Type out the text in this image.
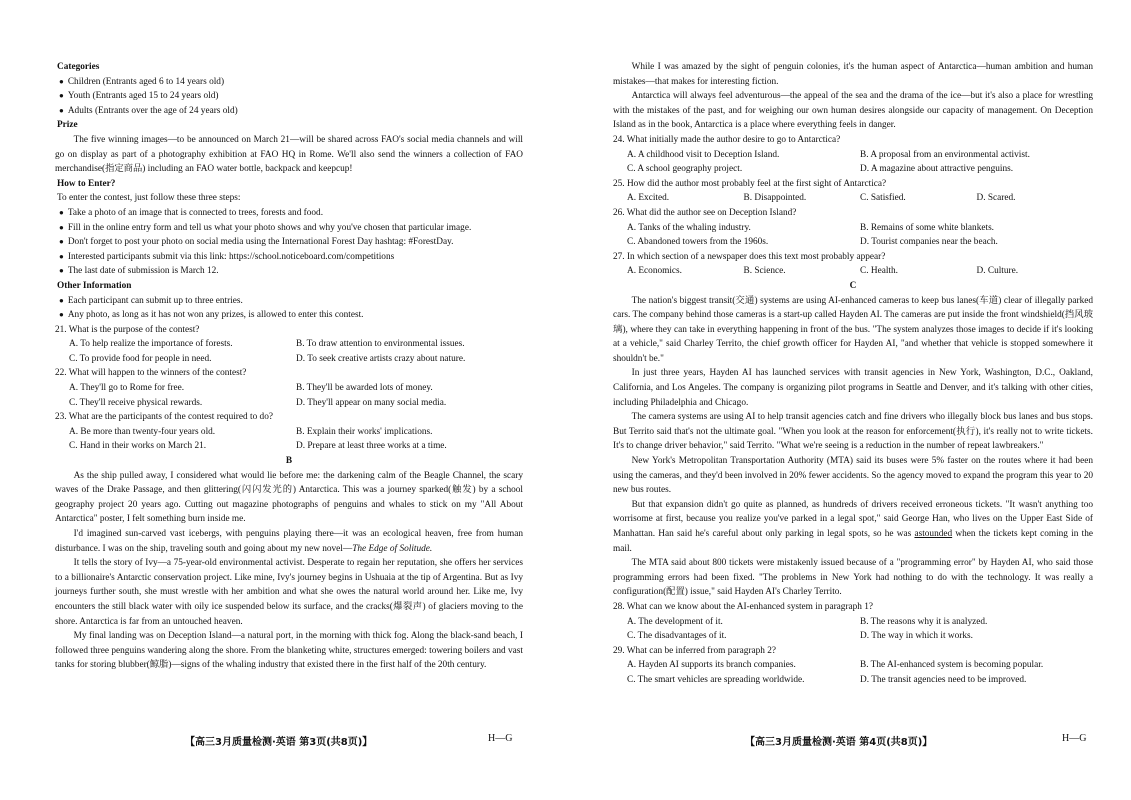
Categories

● Children (Entrants aged 6 to 14 years old)

● Youth (Entrants aged 15 to 24 years old)

● Adults (Entrants over the age of 24 years old)

Prize

The five winning images—to be announced on March 21—will be shared across FAO's social media channels and will go on display as part of a photography exhibition at FAO HQ in Rome. We'll also send the winners a collection of FAO merchandise(指定商品) including an FAO water bottle, backpack and keepcup!

How to Enter?

To enter the contest, just follow these three steps:

● Take a photo of an image that is connected to trees, forests and food.

● Fill in the online entry form and tell us what your photo shows and why you've chosen that particular image.

● Don't forget to post your photo on social media using the International Forest Day hashtag: #ForestDay.

● Interested participants submit via this link: https://school.noticeboard.com/competitions

● The last date of submission is March 12.

Other Information

● Each participant can submit up to three entries.

● Any photo, as long as it has not won any prizes, is allowed to enter this contest.

21. What is the purpose of the contest?

A. To help realize the importance of forests.	B. To draw attention to environmental issues.
C. To provide food for people in need.	D. To seek creative artists crazy about nature.

22. What will happen to the winners of the contest?

A. They'll go to Rome for free.	B. They'll be awarded lots of money.
C. They'll receive physical rewards.	D. They'll appear on many social media.

23. What are the participants of the contest required to do?

A. Be more than twenty-four years old.	B. Explain their works' implications.
C. Hand in their works on March 21.	D. Prepare at least three works at a time.

B

As the ship pulled away, I considered what would lie before me: the darkening calm of the Beagle Channel, the scary waves of the Drake Passage, and then glittering(闪闪发光的) Antarctica. This was a journey sparked(触发) by a school geography project 20 years ago. Cutting out magazine photographs of penguins and whales to stick on my "All About Antarctica" poster, I felt something burn inside me.

I'd imagined sun-carved vast icebergs, with penguins playing there—it was an ecological heaven, free from human disturbance. I was on the ship, traveling south and going about my new novel—The Edge of Solitude.

It tells the story of Ivy—a 75-year-old environmental activist. Desperate to regain her reputation, she offers her services to a billionaire's Antarctic conservation project. Like mine, Ivy's journey begins in Ushuaia at the tip of Argentina. But as Ivy journeys further south, she must wrestle with her ambition and what she owes the natural world around her. Like me, Ivy encounters the still black water with oily ice suspended below its surface, and the cracks(爆裂声) of glaciers moving to the shore. Antarctica is far from an untouched heaven.

My final landing was on Deception Island—a natural port, in the morning with thick fog. Along the black-sand beach, I followed three penguins wandering along the shore. From the blanketing white, structures emerged: towering boilers and vast tanks for storing blubber(鲸脂)—signs of the whaling industry that existed there in the first half of the 20th century.

【高三3月质量检测·英语 第3页(共8页)】	H—G

While I was amazed by the sight of penguin colonies, it's the human aspect of Antarctica—human ambition and human mistakes—that makes for interesting fiction.

Antarctica will always feel adventurous—the appeal of the sea and the drama of the ice—but it's also a place for wrestling with the mistakes of the past, and for weighing our own human desires alongside our capacity of management. On Deception Island as in the book, Antarctica is a place where everything feels in danger.

24. What initially made the author desire to go to Antarctica?

A. A childhood visit to Deception Island.	B. A proposal from an environmental activist.
C. A school geography project.	D. A magazine about attractive penguins.

25. How did the author most probably feel at the first sight of Antarctica?

A. Excited.	B. Disappointed.	C. Satisfied.	D. Scared.

26. What did the author see on Deception Island?

A. Tanks of the whaling industry.	B. Remains of some white blankets.
C. Abandoned towers from the 1960s.	D. Tourist companies near the beach.

27. In which section of a newspaper does this text most probably appear?

A. Economics.	B. Science.	C. Health.	D. Culture.

C

The nation's biggest transit(交通) systems are using AI-enhanced cameras to keep bus lanes(车道) clear of illegally parked cars. The company behind those cameras is a start-up called Hayden AI. The cameras are put inside the front windshield(挡风玻璃), where they can take in everything happening in front of the bus. "The system analyzes those images to decide if it's looking at a vehicle," said Charley Territo, the chief growth officer for Hayden AI, "and whether that vehicle is stopped somewhere it shouldn't be."

In just three years, Hayden AI has launched services with transit agencies in New York, Washington, D.C., Oakland, California, and Los Angeles. The company is organizing pilot programs in Seattle and Denver, and it's talking with other cities, including Philadelphia and Chicago.

The camera systems are using AI to help transit agencies catch and fine drivers who illegally block bus lanes and bus stops. But Territo said that's not the ultimate goal. "When you look at the reason for enforcement(执行), it's really not to write tickets. It's to change driver behavior," said Territo. "What we're seeing is a reduction in the number of repeat lawbreakers."

New York's Metropolitan Transportation Authority (MTA) said its buses were 5% faster on the routes where it had been using the cameras, and they'd been involved in 20% fewer accidents. So the agency moved to expand the program this year to 20 new bus routes.

But that expansion didn't go quite as planned, as hundreds of drivers received erroneous tickets. "It wasn't anything too worrisome at first, because you realize you've parked in a legal spot," said George Han, who lives on the Upper East Side of Manhattan. Han said he's careful about only parking in legal spots, so he was astounded when the tickets kept coming in the mail.

The MTA said about 800 tickets were mistakenly issued because of a "programming error" by Hayden AI, who said those programming errors had been fixed. "The problems in New York had nothing to do with the technology. It was really a configuration(配置) issue," said Hayden AI's Charley Territo.

28. What can we know about the AI-enhanced system in paragraph 1?

A. The development of it.	B. The reasons why it is analyzed.
C. The disadvantages of it.	D. The way in which it works.

29. What can be inferred from paragraph 2?

A. Hayden AI supports its branch companies.	B. The AI-enhanced system is becoming popular.
C. The smart vehicles are spreading worldwide.	D. The transit agencies need to be improved.
【高三3月质量检测·英语 第4页(共8页)】	H—G
